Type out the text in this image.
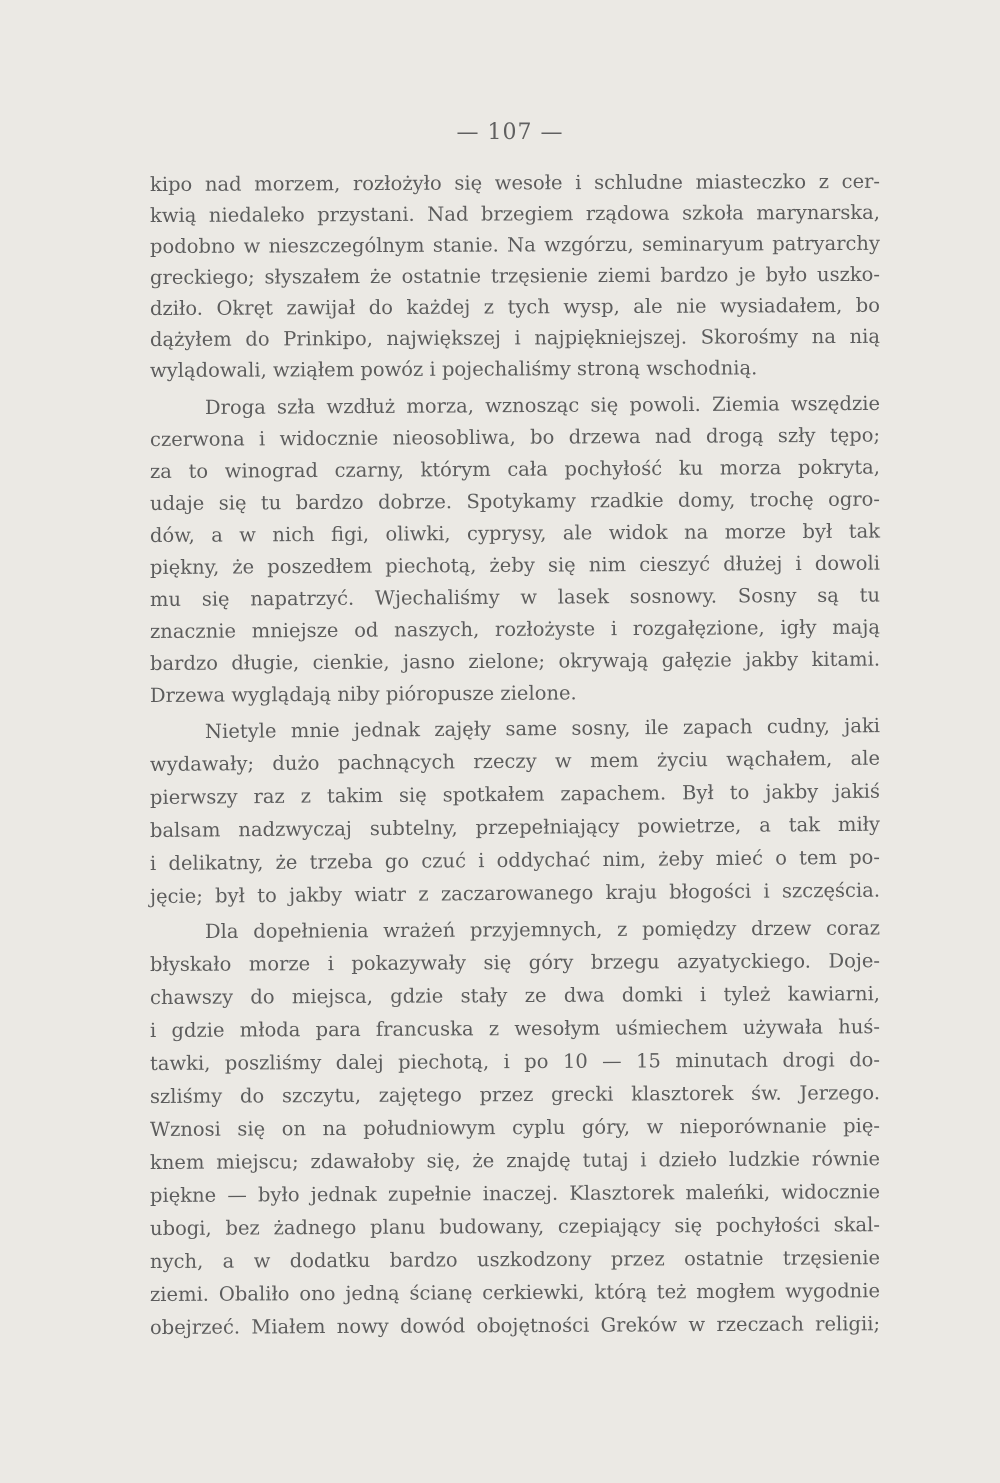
— 107 —
kipo nad morzem, rozłożyło się wesołe i schludne miasteczko z cer-
kwią niedaleko przystani. Nad brzegiem rządowa szkoła marynarska,
podobno w nieszczególnym stanie. Na wzgórzu, seminaryum patryarchy
greckiego; słyszałem że ostatnie trzęsienie ziemi bardzo je było uszko-
dziło. Okręt zawijał do każdej z tych wysp, ale nie wysiadałem, bo
dążyłem do Prinkipo, największej i najpiękniejszej. Skorośmy na nią
wylądowali, wziąłem powóz i pojechaliśmy stroną wschodnią.
Droga szła wzdłuż morza, wznosząc się powoli. Ziemia wszędzie
czerwona i widocznie nieosobliwa, bo drzewa nad drogą szły tępo;
za to winograd czarny, którym cała pochyłość ku morza pokryta,
udaje się tu bardzo dobrze. Spotykamy rzadkie domy, trochę ogro-
dów, a w nich figi, oliwki, cyprysy, ale widok na morze był tak
piękny, że poszedłem piechotą, żeby się nim cieszyć dłużej i dowoli
mu się napatrzyć. Wjechaliśmy w lasek sosnowy. Sosny są tu
znacznie mniejsze od naszych, rozłożyste i rozgałęzione, igły mają
bardzo długie, cienkie, jasno zielone; okrywają gałęzie jakby kitami.
Drzewa wyglądają niby pióropusze zielone.
Nietyle mnie jednak zajęły same sosny, ile zapach cudny, jaki
wydawały; dużo pachnących rzeczy w mem życiu wąchałem, ale
pierwszy raz z takim się spotkałem zapachem. Był to jakby jakiś
balsam nadzwyczaj subtelny, przepełniający powietrze, a tak miły
i delikatny, że trzeba go czuć i oddychać nim, żeby mieć o tem po-
jęcie; był to jakby wiatr z zaczarowanego kraju błogości i szczęścia.
Dla dopełnienia wrażeń przyjemnych, z pomiędzy drzew coraz
błyskało morze i pokazywały się góry brzegu azyatyckiego. Doje-
chawszy do miejsca, gdzie stały ze dwa domki i tyleż kawiarni,
i gdzie młoda para francuska z wesołym uśmiechem używała huś-
tawki, poszliśmy dalej piechotą, i po 10 — 15 minutach drogi do-
szliśmy do szczytu, zajętego przez grecki klasztorek św. Jerzego.
Wznosi się on na południowym cyplu góry, w nieporównanie pię-
knem miejscu; zdawałoby się, że znajdę tutaj i dzieło ludzkie równie
piękne — było jednak zupełnie inaczej. Klasztorek maleńki, widocznie
ubogi, bez żadnego planu budowany, czepiający się pochyłości skal-
nych, a w dodatku bardzo uszkodzony przez ostatnie trzęsienie
ziemi. Obaliło ono jedną ścianę cerkiewki, którą też mogłem wygodnie
obejrzeć. Miałem nowy dowód obojętności Greków w rzeczach religii;
